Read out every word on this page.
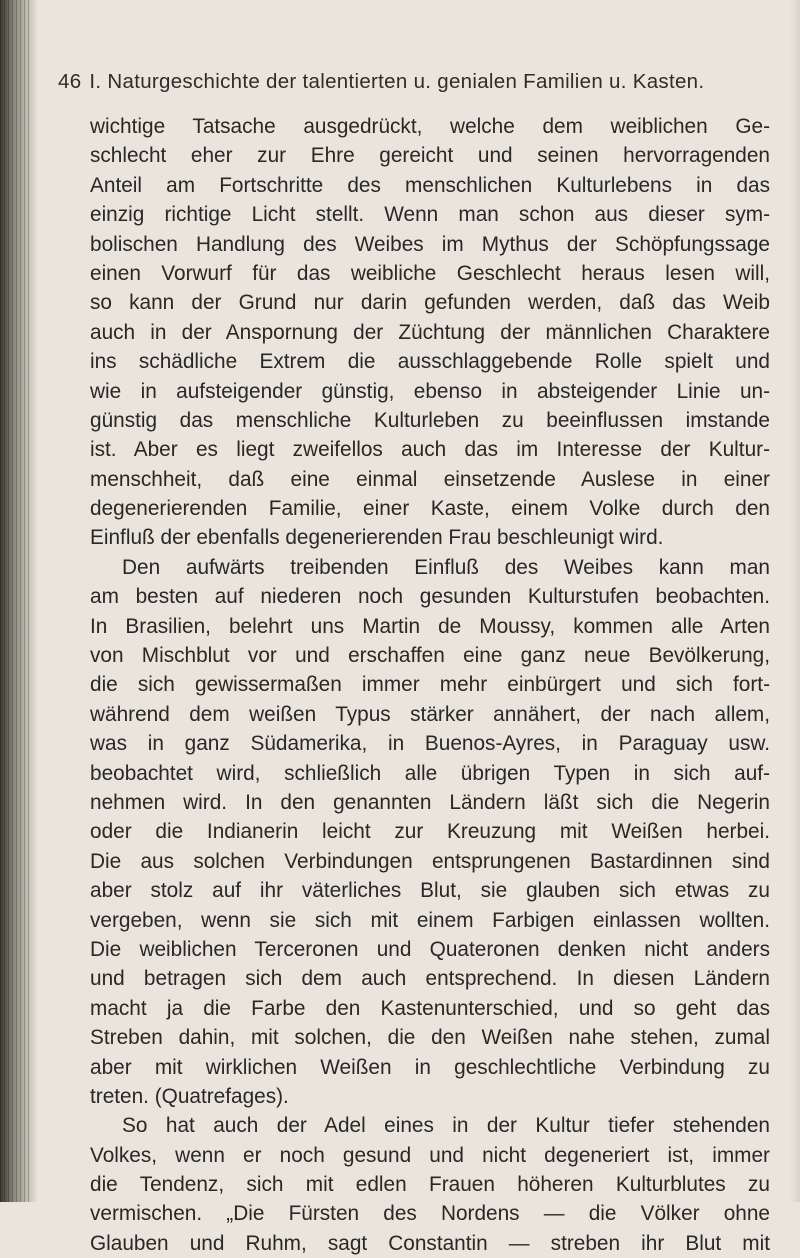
46 I. Naturgeschichte der talentierten u. genialen Familien u. Kasten.
wichtige Tatsache ausgedrückt, welche dem weiblichen Ge-
schlecht eher zur Ehre gereicht und seinen hervorragenden
Anteil am Fortschritte des menschlichen Kulturlebens in das
einzig richtige Licht stellt. Wenn man schon aus dieser sym-
bolischen Handlung des Weibes im Mythus der Schöpfungssage
einen Vorwurf für das weibliche Geschlecht heraus lesen will,
so kann der Grund nur darin gefunden werden, daß das Weib
auch in der Anspornung der Züchtung der männlichen Charaktere
ins schädliche Extrem die ausschlaggebende Rolle spielt und
wie in aufsteigender günstig, ebenso in absteigender Linie un-
günstig das menschliche Kulturleben zu beeinflussen imstande
ist. Aber es liegt zweifellos auch das im Interesse der Kultur-
menschheit, daß eine einmal einsetzende Auslese in einer
degenerierenden Familie, einer Kaste, einem Volke durch den
Einfluß der ebenfalls degenerierenden Frau beschleunigt wird.
Den aufwärts treibenden Einfluß des Weibes kann man
am besten auf niederen noch gesunden Kulturstufen beobachten.
In Brasilien, belehrt uns Martin de Moussy, kommen alle Arten
von Mischblut vor und erschaffen eine ganz neue Bevölkerung,
die sich gewissermaßen immer mehr einbürgert und sich fort-
während dem weißen Typus stärker annähert, der nach allem,
was in ganz Südamerika, in Buenos-Ayres, in Paraguay usw.
beobachtet wird, schließlich alle übrigen Typen in sich auf-
nehmen wird. In den genannten Ländern läßt sich die Negerin
oder die Indianerin leicht zur Kreuzung mit Weißen herbei.
Die aus solchen Verbindungen entsprungenen Bastardinnen sind
aber stolz auf ihr väterliches Blut, sie glauben sich etwas zu
vergeben, wenn sie sich mit einem Farbigen einlassen wollten.
Die weiblichen Terceronen und Quateronen denken nicht anders
und betragen sich dem auch entsprechend. In diesen Ländern
macht ja die Farbe den Kastenunterschied, und so geht das
Streben dahin, mit solchen, die den Weißen nahe stehen, zumal
aber mit wirklichen Weißen in geschlechtliche Verbindung zu
treten. (Quatrefages).
So hat auch der Adel eines in der Kultur tiefer stehenden
Volkes, wenn er noch gesund und nicht degeneriert ist, immer
die Tendenz, sich mit edlen Frauen höheren Kulturblutes zu
vermischen. „Die Fürsten des Nordens — die Völker ohne
Glauben und Ruhm, sagt Constantin — streben ihr Blut mit
